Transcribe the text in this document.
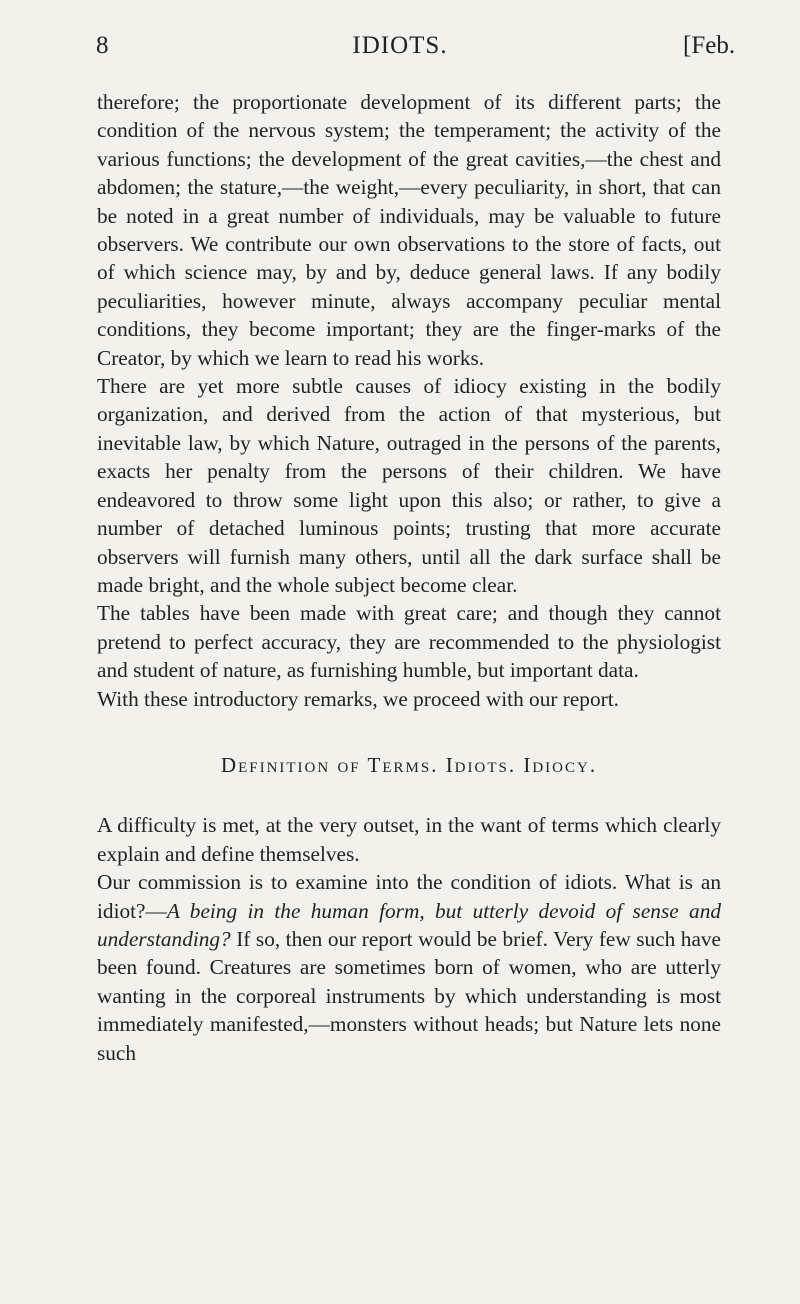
8	IDIOTS.	[Feb.

therefore; the proportionate development of its different parts; the condition of the nervous system; the temperament; the activity of the various functions; the development of the great cavities,—the chest and abdomen; the stature,—the weight,—every peculiarity, in short, that can be noted in a great number of individuals, may be valuable to future observers. We contribute our own observations to the store of facts, out of which science may, by and by, deduce general laws. If any bodily peculiarities, however minute, always accompany peculiar mental conditions, they become important; they are the finger-marks of the Creator, by which we learn to read his works.

There are yet more subtle causes of idiocy existing in the bodily organization, and derived from the action of that mysterious, but inevitable law, by which Nature, outraged in the persons of the parents, exacts her penalty from the persons of their children. We have endeavored to throw some light upon this also; or rather, to give a number of detached luminous points; trusting that more accurate observers will furnish many others, until all the dark surface shall be made bright, and the whole subject become clear.

The tables have been made with great care; and though they cannot pretend to perfect accuracy, they are recommended to the physiologist and student of nature, as furnishing humble, but important data.

With these introductory remarks, we proceed with our report.

Definition of Terms. Idiots. Idiocy.

A difficulty is met, at the very outset, in the want of terms which clearly explain and define themselves.

Our commission is to examine into the condition of idiots. What is an idiot?—A being in the human form, but utterly devoid of sense and understanding? If so, then our report would be brief. Very few such have been found. Creatures are sometimes born of women, who are utterly wanting in the corporeal instruments by which understanding is most immediately manifested,—monsters without heads; but Nature lets none such
